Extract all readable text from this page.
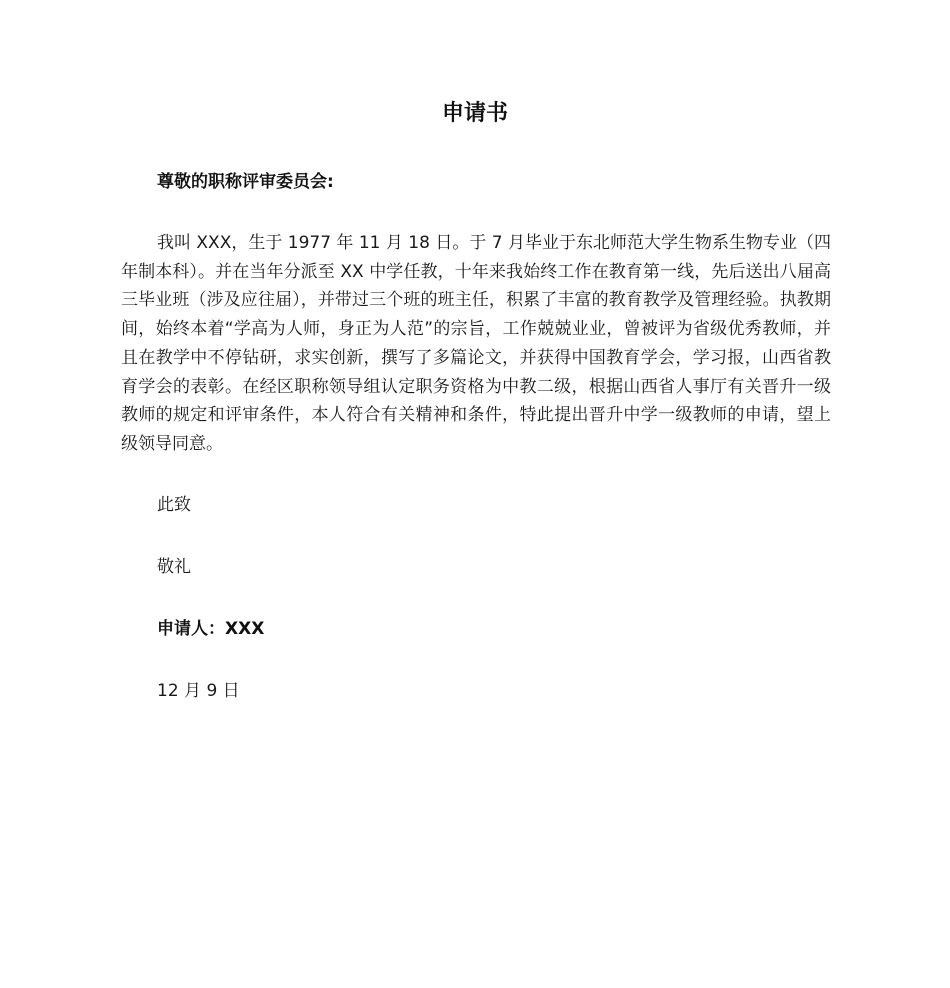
申请书
尊敬的职称评审委员会:

我叫 XXX，生于 1977 年 11 月 18 日。于 7 月毕业于东北师范大学生物系生物专业（四年制本科）。并在当年分派至 XX 中学任教，十年来我始终工作在教育第一线，先后送出八届高三毕业班（涉及应往届），并带过三个班的班主任，积累了丰富的教育教学及管理经验。执教期间，始终本着“学高为人师，身正为人范”的宗旨，工作兢兢业业，曾被评为省级优秀教师，并且在教学中不停钻研，求实创新，撰写了多篇论文，并获得中国教育学会，学习报，山西省教育学会的表彰。在经区职称领导组认定职务资格为中教二级，根据山西省人事厅有关晋升一级教师的规定和评审条件，本人符合有关精神和条件，特此提出晋升中学一级教师的申请，望上级领导同意。

此致
敬礼
申请人：XXX
12 月 9 日
